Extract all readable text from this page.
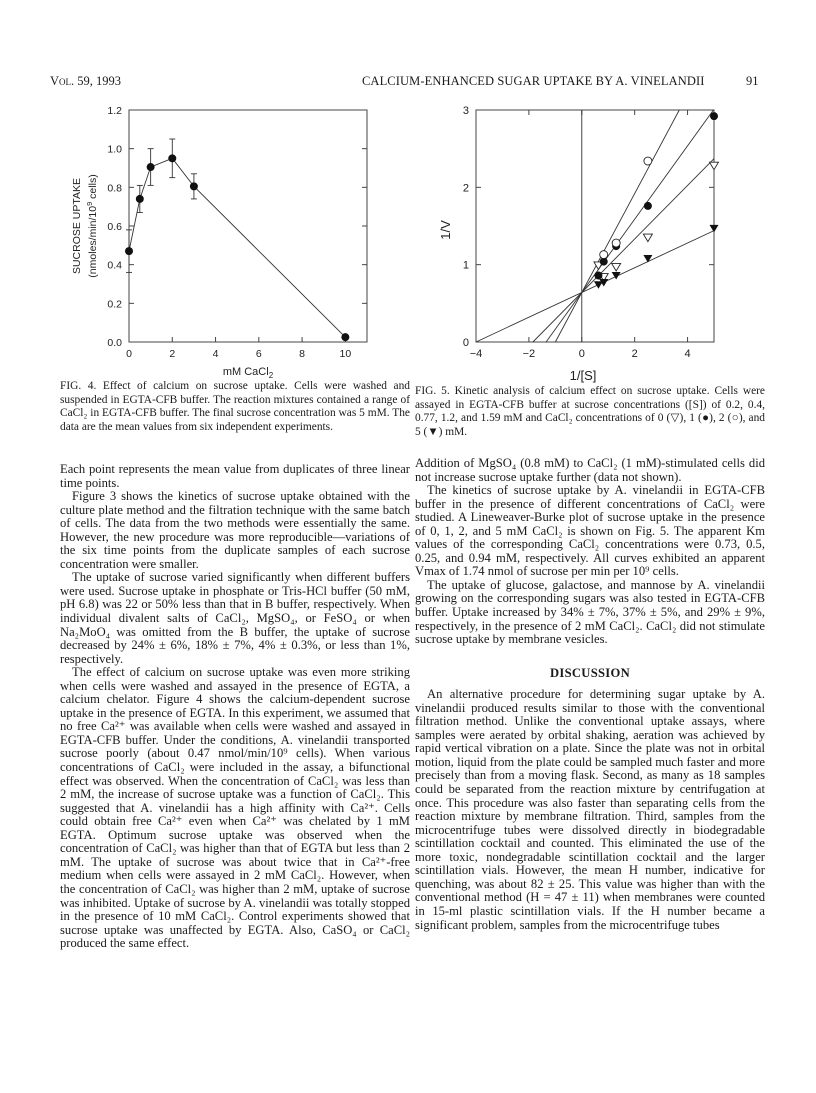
Vol. 59, 1993	CALCIUM-ENHANCED SUGAR UPTAKE BY A. VINELANDII	91
0.0
0.2
0.4
0.6
0.8
1.0
1.2
0	2	4	6	8	10
mM CaCl$_2$
SUCROSE UPTAKE ($nmoles/\min/10^9$ cells)
0
1
2
3
−4	−2	0	2	4
1/[S]
1/V
FIG. 4. Effect of calcium on sucrose uptake. Cells were washed and suspended in EGTA-CFB buffer. The reaction mixtures contained a range of CaCl₂ in EGTA-CFB buffer. The final sucrose concentration was 5 mM. The data are the mean values from six independent experiments.
FIG. 5. Kinetic analysis of calcium effect on sucrose uptake. Cells were assayed in EGTA-CFB buffer at sucrose concentrations ([S]) of 0.2, 0.4, 0.77, 1.2, and 1.59 mM and CaCl₂ concentrations of 0 (▽), 1 (●), 2 (○), and 5 (▼) mM.

Each point represents the mean value from duplicates of three linear time points.

Figure 3 shows the kinetics of sucrose uptake obtained with the culture plate method and the filtration technique with the same batch of cells. The data from the two methods were essentially the same. However, the new procedure was more reproducible—variations of the six time points from the duplicate samples of each sucrose concentration were smaller.

The uptake of sucrose varied significantly when different buffers were used. Sucrose uptake in phosphate or Tris-HCl buffer (50 mM, pH 6.8) was 22 or 50% less than that in B buffer, respectively. When individual divalent salts of CaCl₂, MgSO₄, or FeSO₄ or when Na₂MoO₄ was omitted from the B buffer, the uptake of sucrose decreased by 24% ± 6%, 18% ± 7%, 4% ± 0.3%, or less than 1%, respectively.

The effect of calcium on sucrose uptake was even more striking when cells were washed and assayed in the presence of EGTA, a calcium chelator. Figure 4 shows the calcium-dependent sucrose uptake in the presence of EGTA. In this experiment, we assumed that no free Ca²⁺ was available when cells were washed and assayed in EGTA-CFB buffer. Under the conditions, A. vinelandii transported sucrose poorly (about 0.47 nmol/min/10⁹ cells). When various concentrations of CaCl₂ were included in the assay, a bifunctional effect was observed. When the concentration of CaCl₂ was less than 2 mM, the increase of sucrose uptake was a function of CaCl₂. This suggested that A. vinelandii has a high affinity with Ca²⁺. Cells could obtain free Ca²⁺ even when Ca²⁺ was chelated by 1 mM EGTA. Optimum sucrose uptake was observed when the concentration of CaCl₂ was higher than that of EGTA but less than 2 mM. The uptake of sucrose was about twice that in Ca²⁺-free medium when cells were assayed in 2 mM CaCl₂. However, when the concentration of CaCl₂ was higher than 2 mM, uptake of sucrose was inhibited. Uptake of sucrose by A. vinelandii was totally stopped in the presence of 10 mM CaCl₂. Control experiments showed that sucrose uptake was unaffected by EGTA. Also, CaSO₄ or CaCl₂ produced the same effect.

Addition of MgSO₄ (0.8 mM) to CaCl₂ (1 mM)-stimulated cells did not increase sucrose uptake further (data not shown).

The kinetics of sucrose uptake by A. vinelandii in EGTA-CFB buffer in the presence of different concentrations of CaCl₂ were studied. A Lineweaver-Burke plot of sucrose uptake in the presence of 0, 1, 2, and 5 mM CaCl₂ is shown on Fig. 5. The apparent Km values of the corresponding CaCl₂ concentrations were 0.73, 0.5, 0.25, and 0.94 mM, respectively. All curves exhibited an apparent Vmax of 1.74 nmol of sucrose per min per 10⁹ cells.

The uptake of glucose, galactose, and mannose by A. vinelandii growing on the corresponding sugars was also tested in EGTA-CFB buffer. Uptake increased by 34% ± 7%, 37% ± 5%, and 29% ± 9%, respectively, in the presence of 2 mM CaCl₂. CaCl₂ did not stimulate sucrose uptake by membrane vesicles.

DISCUSSION

An alternative procedure for determining sugar uptake by A. vinelandii produced results similar to those with the conventional filtration method. Unlike the conventional uptake assays, where samples were aerated by orbital shaking, aeration was achieved by rapid vertical vibration on a plate. Since the plate was not in orbital motion, liquid from the plate could be sampled much faster and more precisely than from a moving flask. Second, as many as 18 samples could be separated from the reaction mixture by centrifugation at once. This procedure was also faster than separating cells from the reaction mixture by membrane filtration. Third, samples from the microcentrifuge tubes were dissolved directly in biodegradable scintillation cocktail and counted. This eliminated the use of the more toxic, nondegradable scintillation cocktail and the larger scintillation vials. However, the mean H number, indicative for quenching, was about 82 ± 25. This value was higher than with the conventional method (H = 47 ± 11) when membranes were counted in 15-ml plastic scintillation vials. If the H number became a significant problem, samples from the microcentrifuge tubes
